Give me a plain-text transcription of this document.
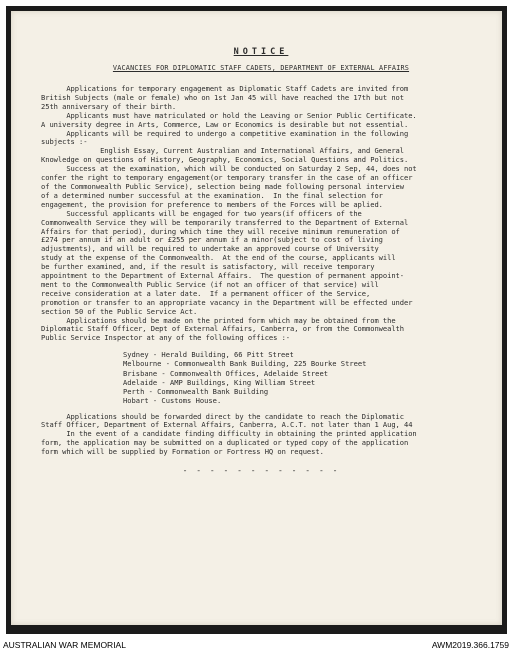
NOTICE
VACANCIES FOR DIPLOMATIC STAFF CADETS, DEPARTMENT OF EXTERNAL AFFAIRS
Applications for temporary engagement as Diplomatic Staff Cadets are invited from
British Subjects (male or female) who on 1st Jan 45 will have reached the 17th but not
25th anniversary of their birth.
Applicants must have matriculated or hold the Leaving or Senior Public Certificate.
A university degree in Arts, Commerce, Law or Economics is desirable but not essential.
Applicants will be required to undergo a competitive examination in the following
subjects :-
English Essay, Current Australian and International Affairs, and General
Knowledge on questions of History, Geography, Economics, Social Questions and Politics.
Success at the examination, which will be conducted on Saturday 2 Sep, 44, does not
confer the right to temporary engagement(or temporary transfer in the case of an officer
of the Commonwealth Public Service), selection being made following personal interview
of a determined number successful at the examination.  In the final selection for
engagement, the provision for preference to members of the Forces will be aplied.
Successful applicants will be engaged for two years(if officers of the
Commonwealth Service they will be temporarily transferred to the Department of External
Affairs for that period), during which time they will receive minimum remuneration of
£274 per annum if an adult or £255 per annum if a minor(subject to cost of living
adjustments), and will be required to undertake an approved course of University
study at the expense of the Commonwealth.  At the end of the course, applicants will
be further examined, and, if the result is satisfactory, will receive temporary
appointment to the Department of External Affairs.  The question of permanent appoint-
ment to the Commonwealth Public Service (if not an officer of that service) will
receive consideration at a later date.  If a permanent officer of the Service,
promotion or transfer to an appropriate vacancy in the Department will be effected under
section 50 of the Public Service Act.
Applications should be made on the printed form which may be obtained from the
Diplomatic Staff Officer, Dept of External Affairs, Canberra, or from the Commonwealth
Public Service Inspector at any of the following offices :-
Sydney - Herald Building, 66 Pitt Street
Melbourne - Commonwealth Bank Building, 225 Bourke Street
Brisbane - Commonwealth Offices, Adelaide Street
Adelaide - AMP Buildings, King William Street
Perth - Commonwealth Bank Building
Hobart - Customs House.
Applications should be forwarded direct by the candidate to reach the Diplomatic
Staff Officer, Department of External Affairs, Canberra, A.C.T. not later than 1 Aug, 44
In the event of a candidate finding difficulty in obtaining the printed application
form, the application may be submitted on a duplicated or typed copy of the application
form which will be supplied by Formation or Fortress HQ on request.
- - - - - - - - - - - -
AUSTRALIAN WAR MEMORIAL	AWM2019.366.1759
